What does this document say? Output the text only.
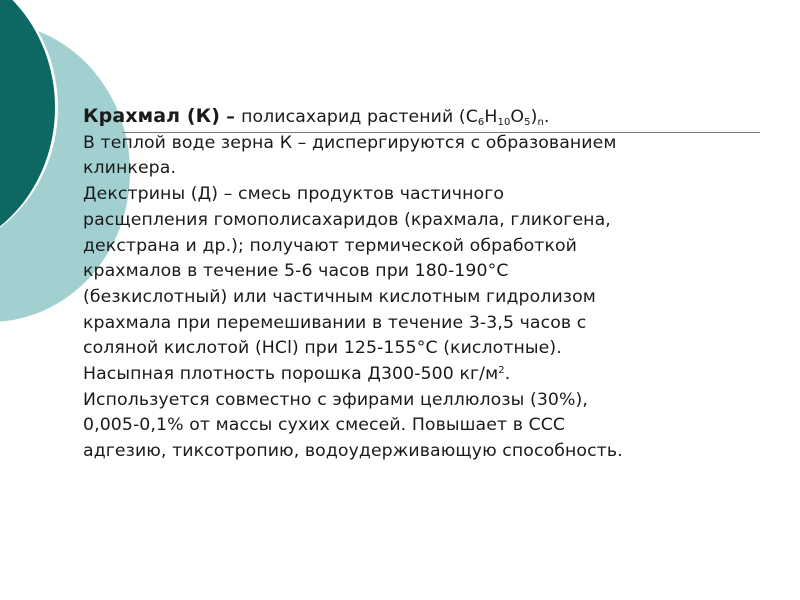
Крахмал (К) – полисахарид растений $(C_6H_{10}O_5)_n$.

В теплой воде зерна К – диспергируются с образованием

клинкера.

Декстрины (Д) – смесь продуктов частичного

расщепления гомополисахаридов (крахмала, гликогена,

декстрана и др.); получают термической обработкой

крахмалов в течение 5-6 часов при 180-190°С

(безкислотный) или частичным кислотным гидролизом

крахмала при перемешивании в течение 3-3,5 часов с

соляной кислотой (HCl) при 125-155°С (кислотные).

Насыпная плотность порошка Д300-500 $кг/м^2$.

Используется совместно с эфирами целлюлозы (30%),

0,005-0,1% от массы сухих смесей. Повышает в ССС

адгезию, тиксотропию, водоудерживающую способность.
